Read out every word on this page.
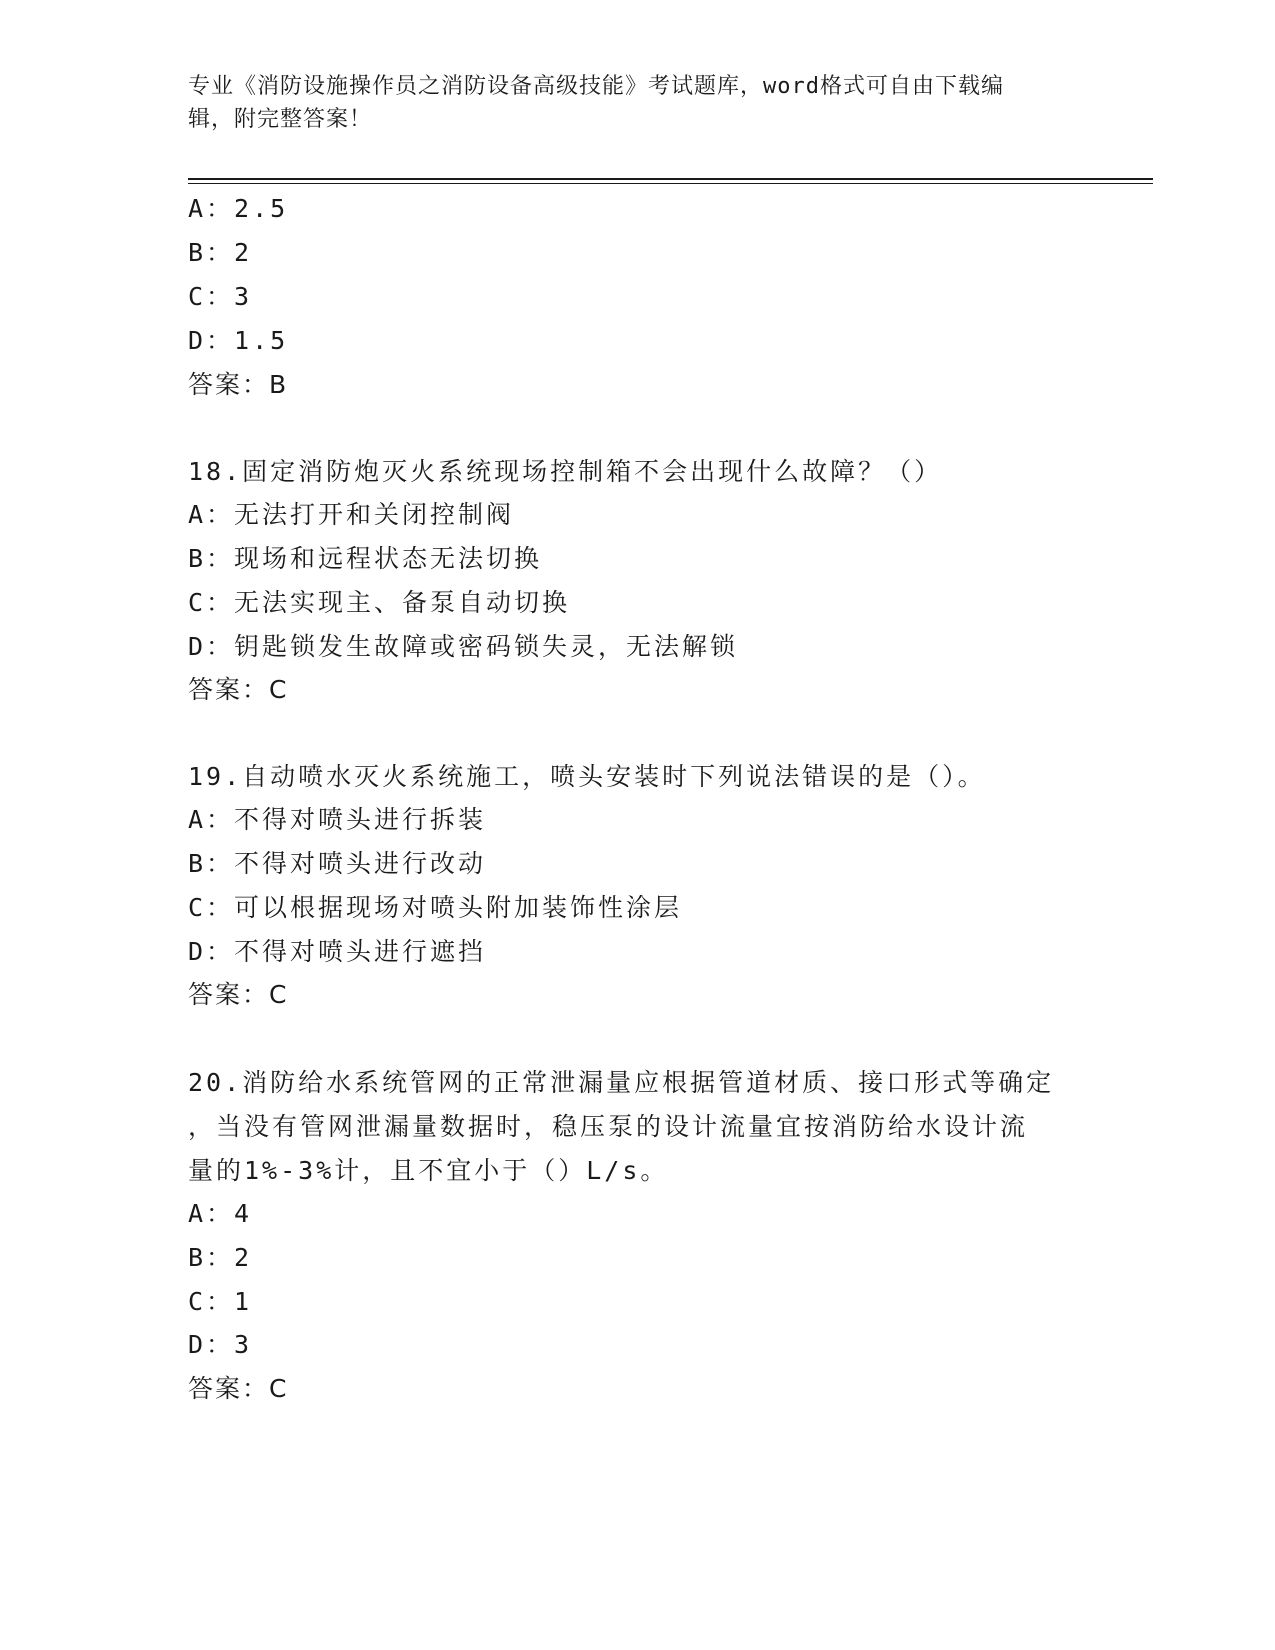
专业《消防设施操作员之消防设备高级技能》考试题库，word格式可自由下载编
辑，附完整答案！
A：2.5
B：2
C：3
D：1.5
答案：B
18.固定消防炮灭火系统现场控制箱不会出现什么故障？（）
A：无法打开和关闭控制阀
B：现场和远程状态无法切换
C：无法实现主、备泵自动切换
D：钥匙锁发生故障或密码锁失灵，无法解锁
答案：C
19.自动喷水灭火系统施工，喷头安装时下列说法错误的是（）。
A：不得对喷头进行拆装
B：不得对喷头进行改动
C：可以根据现场对喷头附加装饰性涂层
D：不得对喷头进行遮挡
答案：C
20.消防给水系统管网的正常泄漏量应根据管道材质、接口形式等确定
，当没有管网泄漏量数据时，稳压泵的设计流量宜按消防给水设计流
量的1%-3%计，且不宜小于（）L/s。
A：4
B：2
C：1
D：3
答案：C
